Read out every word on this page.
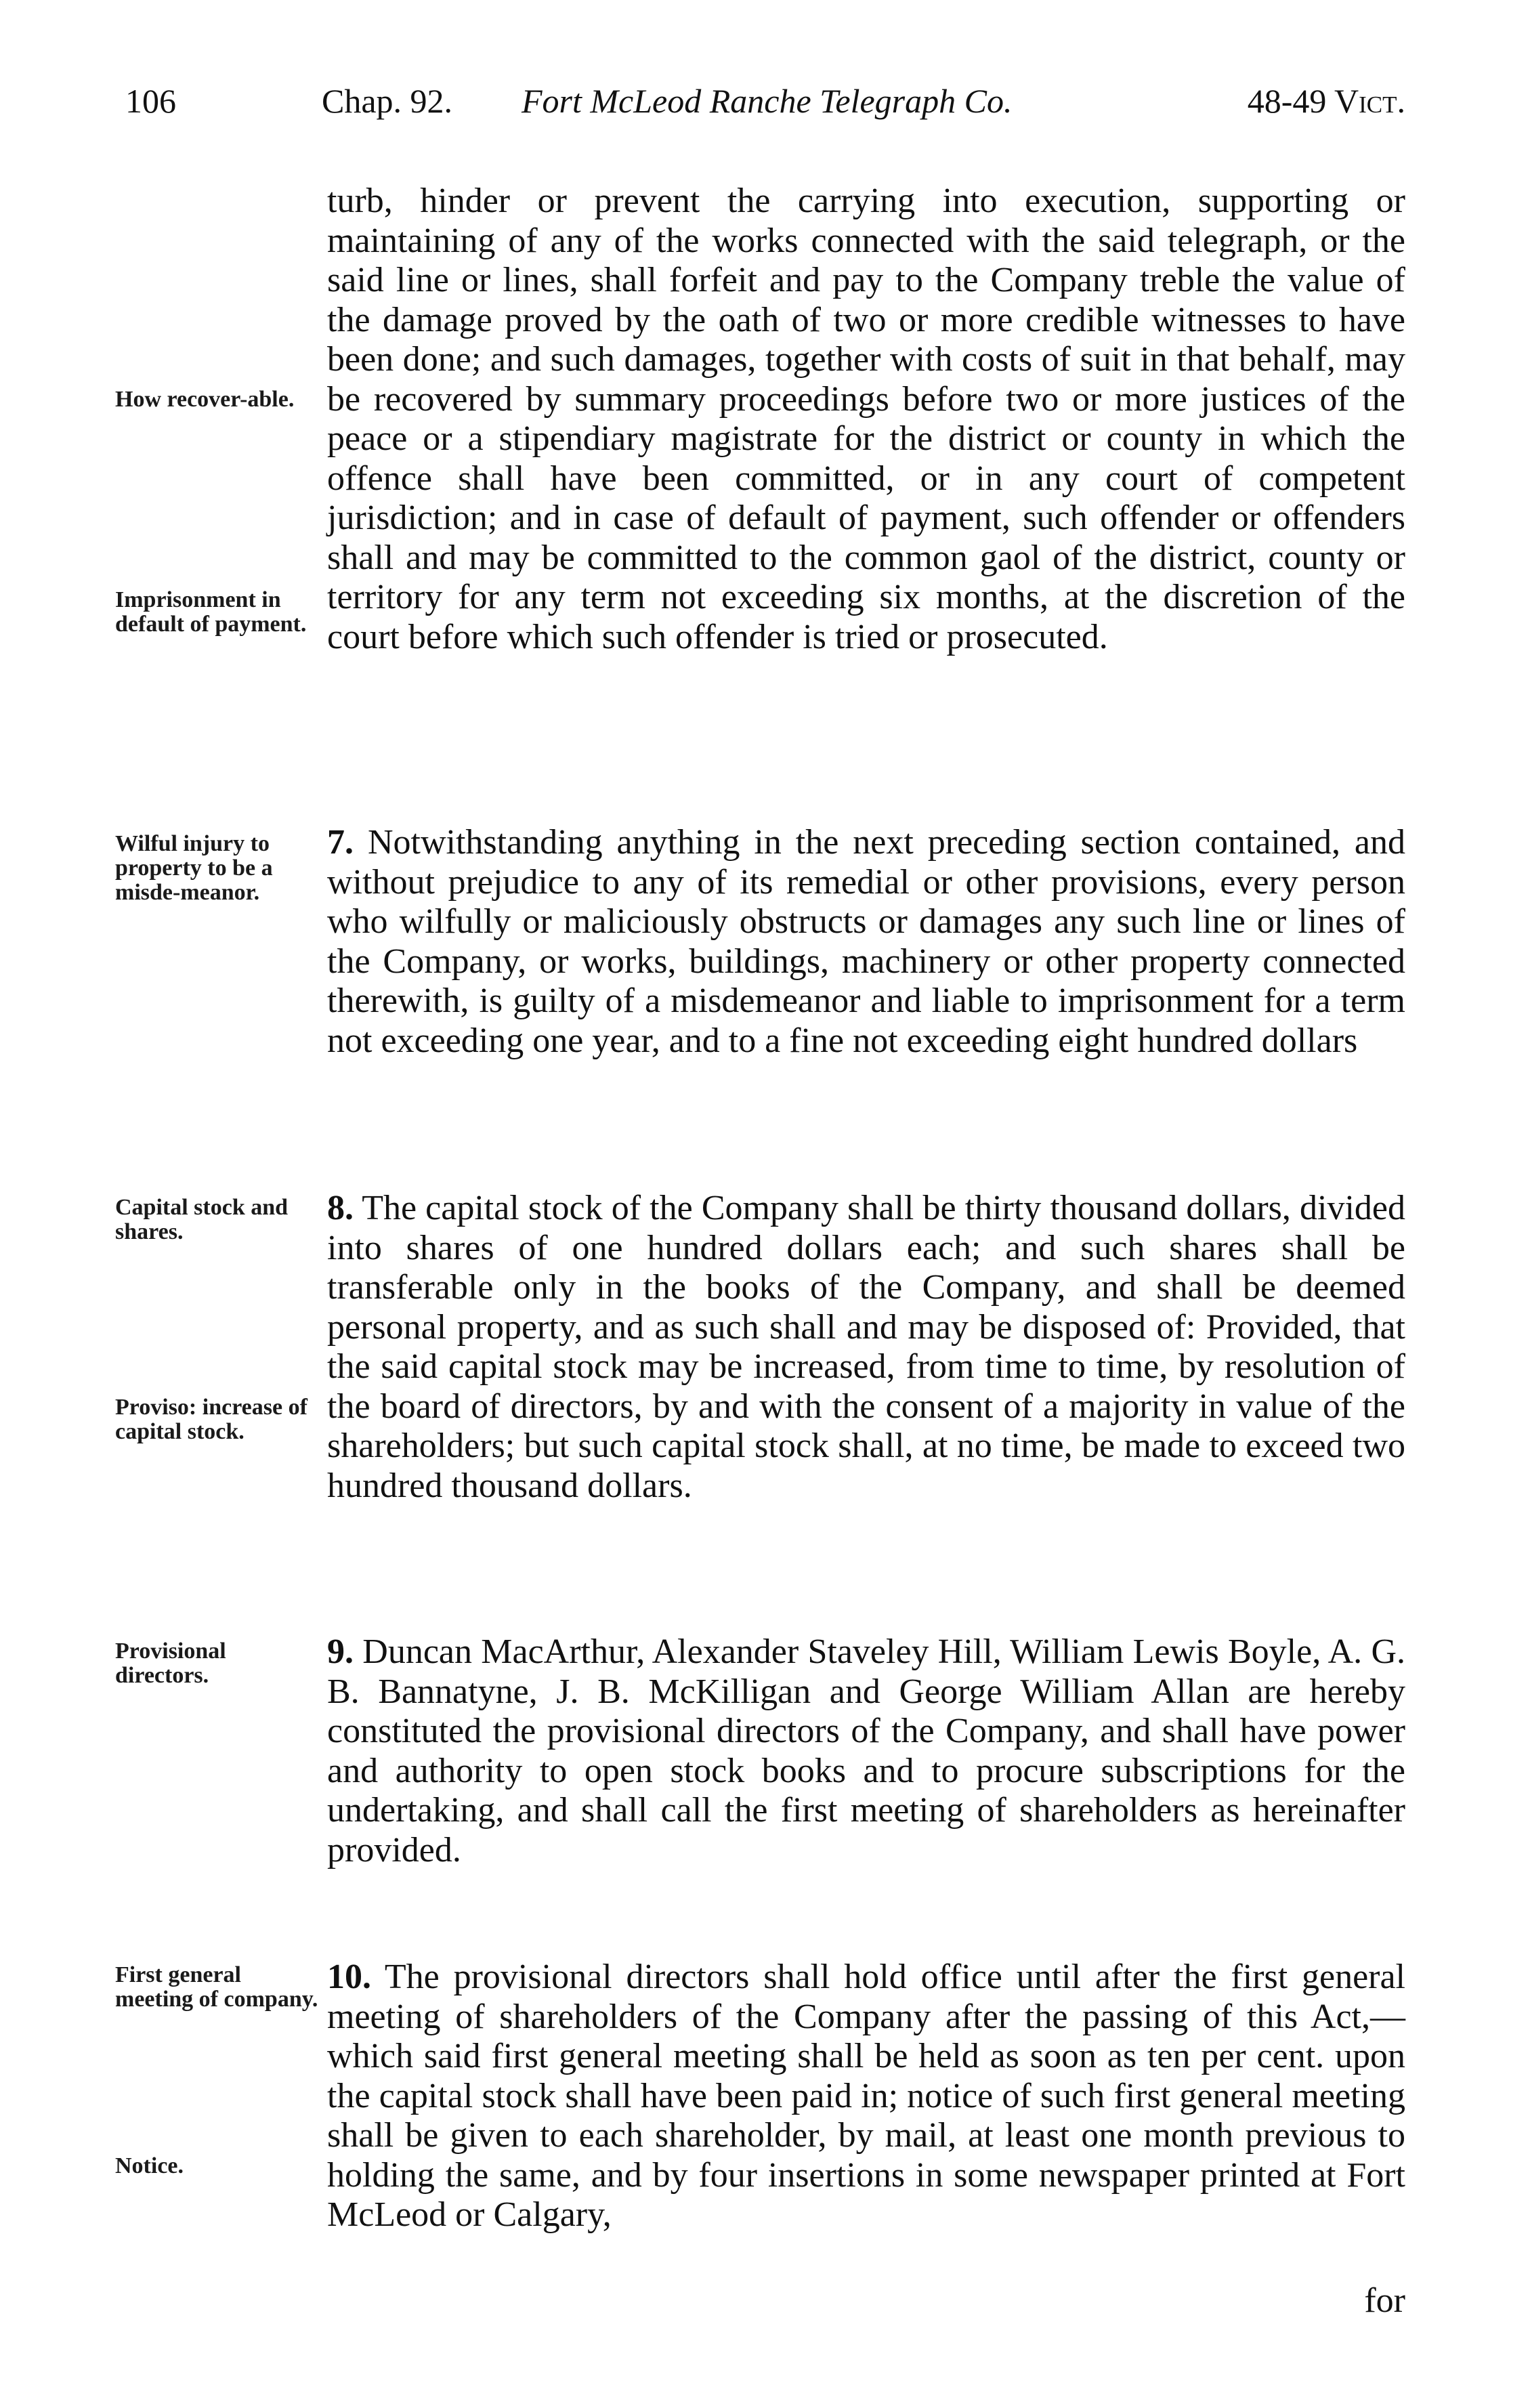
106	Chap. 92. Fort McLeod Ranche Telegraph Co.	48-49 Vict.
How recover-able.
Imprisonment in default of payment.
Wilful injury to property to be a misde-meanor.
Capital stock and shares.
Proviso: increase of capital stock.
Provisional directors.
First general meeting of company.
Notice.

turb, hinder or prevent the carrying into execution, supporting or maintaining of any of the works connected with the said telegraph, or the said line or lines, shall forfeit and pay to the Company treble the value of the damage proved by the oath of two or more credible witnesses to have been done; and such damages, together with costs of suit in that behalf, may be recovered by summary proceedings before two or more justices of the peace or a stipendiary magistrate for the district or county in which the offence shall have been committed, or in any court of competent jurisdiction; and in case of default of payment, such offender or offenders shall and may be committed to the common gaol of the district, county or territory for any term not exceeding six months, at the discretion of the court before which such offender is tried or prosecuted.

7. Notwithstanding anything in the next preceding section contained, and without prejudice to any of its remedial or other provisions, every person who wilfully or maliciously obstructs or damages any such line or lines of the Company, or works, buildings, machinery or other property connected therewith, is guilty of a misdemeanor and liable to imprisonment for a term not exceeding one year, and to a fine not exceeding eight hundred dollars

8. The capital stock of the Company shall be thirty thousand dollars, divided into shares of one hundred dollars each; and such shares shall be transferable only in the books of the Company, and shall be deemed personal property, and as such shall and may be disposed of: Provided, that the said capital stock may be increased, from time to time, by resolution of the board of directors, by and with the consent of a majority in value of the shareholders; but such capital stock shall, at no time, be made to exceed two hundred thousand dollars.

9. Duncan MacArthur, Alexander Staveley Hill, William Lewis Boyle, A. G. B. Bannatyne, J. B. McKilligan and George William Allan are hereby constituted the provisional directors of the Company, and shall have power and authority to open stock books and to procure subscriptions for the undertaking, and shall call the first meeting of shareholders as hereinafter provided.

10. The provisional directors shall hold office until after the first general meeting of shareholders of the Company after the passing of this Act,—which said first general meeting shall be held as soon as ten per cent. upon the capital stock shall have been paid in; notice of such first general meeting shall be given to each shareholder, by mail, at least one month previous to holding the same, and by four insertions in some newspaper printed at Fort McLeod or Calgary,

for
